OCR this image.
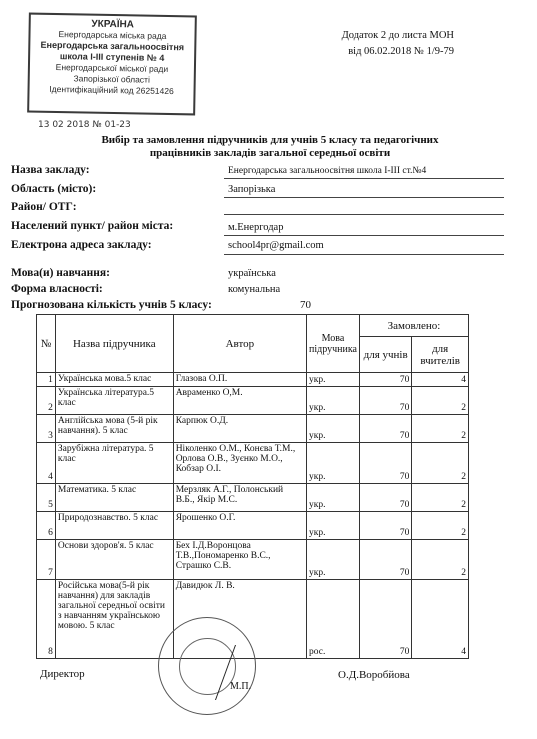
УКРАЇНА
Енергодарська міська рада
Енергодарська загальноосвітня
школа І-ІІІ ступенів № 4
Енергодарської міської ради
Запорізької області
Ідентифікаційний код 26251426
13 02 2018 № 01-23
Додаток 2 до листа МОН
від 06.02.2018 № 1/9-79
Вибір та замовлення підручників для учнів 5 класу та педагогічних
працівників закладів загальної середньої освіти
Назва закладу:	Енергодарська загальноосвітня школа І-ІІІ ст.№4
Область (місто):	Запорізька
Район/ ОТГ:
Населений пункт/ район міста:	м.Енергодар
Електрона адреса закладу:	school4pr@gmail.com
Мова(и) навчання:	українська
Форма власності:	комунальна
Прогнозована кількість учнів 5 класу:	70
№	Назва підручника	Автор	Мова підручника	Замовлено:	
				для учнів	для вчителів
1	Українська мова.5 клас	Глазова О.П.	укр.	70	4
2	Українська література.5 клас	Авраменко О,М.	укр.	70	2
3	Англійська мова (5-й рік навчання). 5 клас	Карпюк О.Д.	укр.	70	2
4	Зарубіжна література. 5 клас	Ніколенко О.М., Конєва Т.М., Орлова О.В., Зуєнко М.О., Кобзар О.І.	укр.	70	2
5	Математика. 5 клас	Мерзляк А.Г., Полонський В.Б., Якір М.С.	укр.	70	2
6	Природознавство. 5 клас	Ярошенко О.Г.	укр.	70	2
7	Основи здоров'я. 5 клас	Бех І.Д.Воронцова Т.В.,Пономаренко В.С., Страшко С.В.	укр.	70	2
8	Російська мова(5-й рік навчання) для закладів загальної середньої освіти з навчанням українською мовою. 5 клас	Давидюк Л. В.	рос.	70	4
Директор
М.П.
О.Д.Воробйова
